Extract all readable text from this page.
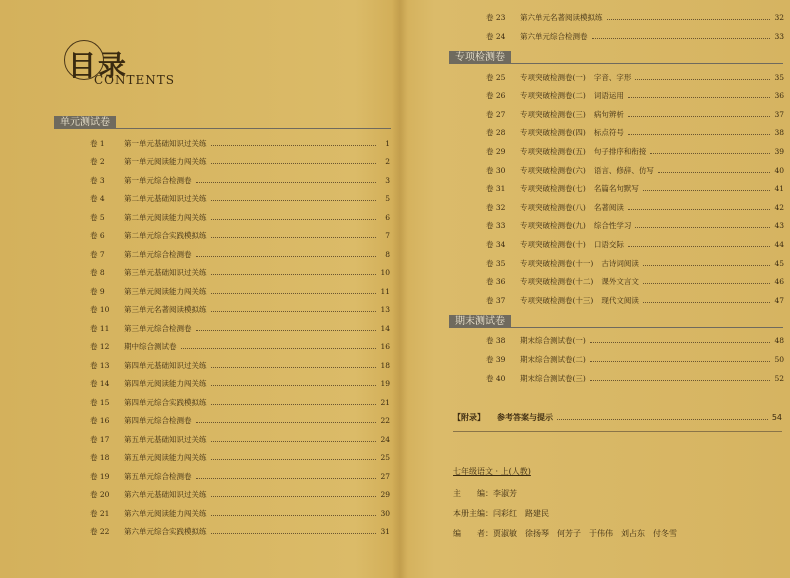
目录
CONTENTS
单元测试卷
卷 1	第一单元基础知识过关练	1
卷 2	第一单元阅读能力闯关练	2
卷 3	第一单元综合检测卷	3
卷 4	第二单元基础知识过关练	5
卷 5	第二单元阅读能力闯关练	6
卷 6	第二单元综合实践模拟练	7
卷 7	第二单元综合检测卷	8
卷 8	第三单元基础知识过关练	10
卷 9	第三单元阅读能力闯关练	11
卷 10	第三单元名著阅读模拟练	13
卷 11	第三单元综合检测卷	14
卷 12	期中综合测试卷	16
卷 13	第四单元基础知识过关练	18
卷 14	第四单元阅读能力闯关练	19
卷 15	第四单元综合实践模拟练	21
卷 16	第四单元综合检测卷	22
卷 17	第五单元基础知识过关练	24
卷 18	第五单元阅读能力闯关练	25
卷 19	第五单元综合检测卷	27
卷 20	第六单元基础知识过关练	29
卷 21	第六单元阅读能力闯关练	30
卷 22	第六单元综合实践模拟练	31
卷 23	第六单元名著阅读模拟练	32
卷 24	第六单元综合检测卷	33
专项检测卷
卷 25	专项突破检测卷(一) 字音、字形	35
卷 26	专项突破检测卷(二) 词语运用	36
卷 27	专项突破检测卷(三) 病句辨析	37
卷 28	专项突破检测卷(四) 标点符号	38
卷 29	专项突破检测卷(五) 句子排序和衔接	39
卷 30	专项突破检测卷(六) 语言、修辞、仿写	40
卷 31	专项突破检测卷(七) 名篇名句默写	41
卷 32	专项突破检测卷(八) 名著阅读	42
卷 33	专项突破检测卷(九) 综合性学习	43
卷 34	专项突破检测卷(十) 口语交际	44
卷 35	专项突破检测卷(十一) 古诗词阅读	45
卷 36	专项突破检测卷(十二) 课外文言文	46
卷 37	专项突破检测卷(十三) 现代文阅读	47
期末测试卷
卷 38	期末综合测试卷(一)	48
卷 39	期末综合测试卷(二)	50
卷 40	期末综合测试卷(三)	52
【附录】 参考答案与提示	54
七年级语文 · 上(人教)
主　　编：李淑芳
本册主编：闫彩红　路建民
编　　者：贾淑敏　徐扬琴　何芳子　于伟伟　刘占东　付冬雪
